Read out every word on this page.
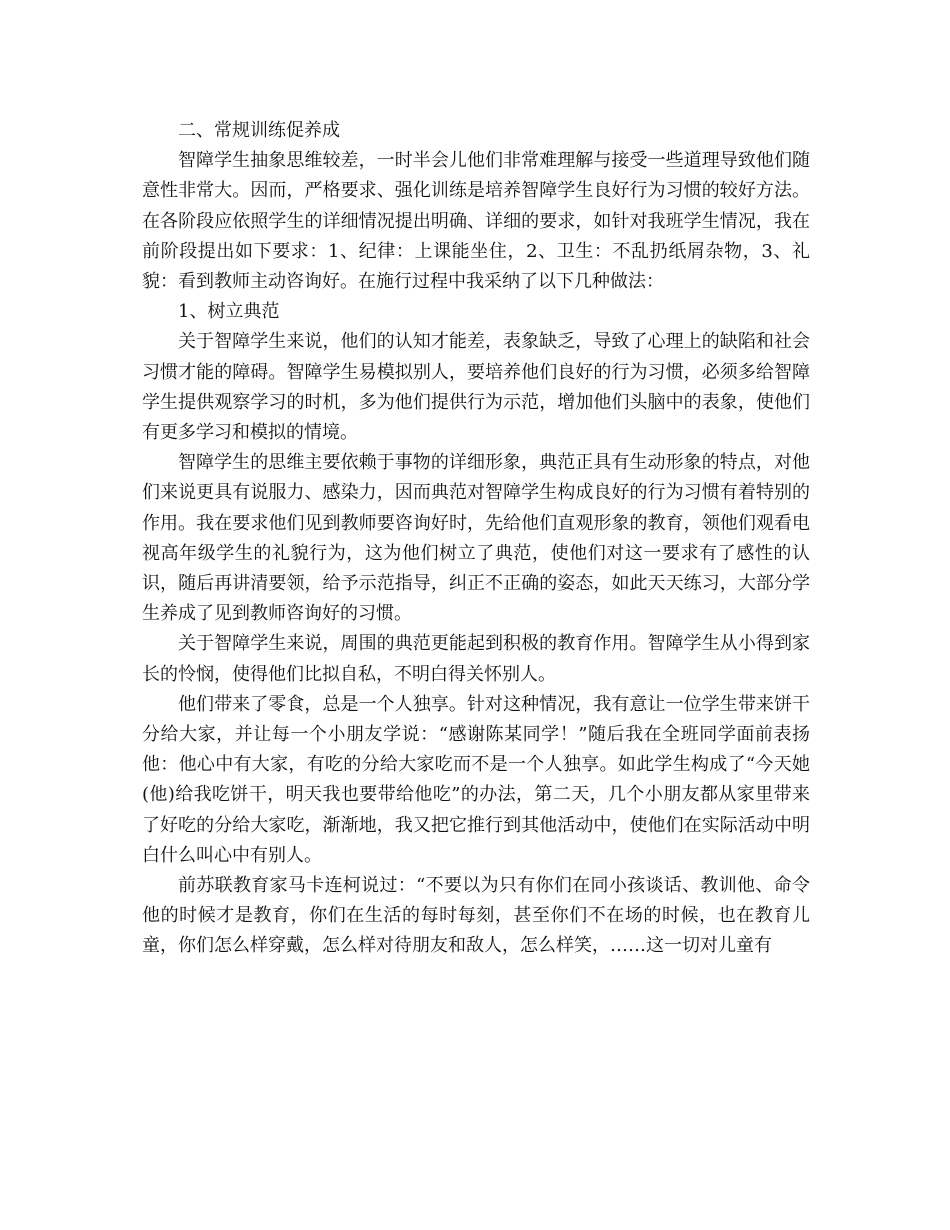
二、常规训练促养成

智障学生抽象思维较差，一时半会儿他们非常难理解与接受一些道理导致他们随意性非常大。因而，严格要求、强化训练是培养智障学生良好行为习惯的较好方法。在各阶段应依照学生的详细情况提出明确、详细的要求，如针对我班学生情况，我在前阶段提出如下要求：1、纪律：上课能坐住，2、卫生：不乱扔纸屑杂物，3、礼貌：看到教师主动咨询好。在施行过程中我采纳了以下几种做法：

1、树立典范

关于智障学生来说，他们的认知才能差，表象缺乏，导致了心理上的缺陷和社会习惯才能的障碍。智障学生易模拟别人，要培养他们良好的行为习惯，必须多给智障学生提供观察学习的时机，多为他们提供行为示范，增加他们头脑中的表象，使他们有更多学习和模拟的情境。

智障学生的思维主要依赖于事物的详细形象，典范正具有生动形象的特点，对他们来说更具有说服力、感染力，因而典范对智障学生构成良好的行为习惯有着特别的作用。我在要求他们见到教师要咨询好时，先给他们直观形象的教育，领他们观看电视高年级学生的礼貌行为，这为他们树立了典范，使他们对这一要求有了感性的认识，随后再讲清要领，给予示范指导，纠正不正确的姿态，如此天天练习，大部分学生养成了见到教师咨询好的习惯。

关于智障学生来说，周围的典范更能起到积极的教育作用。智障学生从小得到家长的怜悯，使得他们比拟自私，不明白得关怀别人。

他们带来了零食，总是一个人独享。针对这种情况，我有意让一位学生带来饼干分给大家，并让每一个小朋友学说：“感谢陈某同学！”随后我在全班同学面前表扬他：他心中有大家，有吃的分给大家吃而不是一个人独享。如此学生构成了“今天她(他)给我吃饼干，明天我也要带给他吃”的办法，第二天，几个小朋友都从家里带来了好吃的分给大家吃，渐渐地，我又把它推行到其他活动中，使他们在实际活动中明白什么叫心中有别人。

前苏联教育家马卡连柯说过：“不要以为只有你们在同小孩谈话、教训他、命令他的时候才是教育，你们在生活的每时每刻，甚至你们不在场的时候，也在教育儿童，你们怎么样穿戴，怎么样对待朋友和敌人，怎么样笑，……这一切对儿童有
